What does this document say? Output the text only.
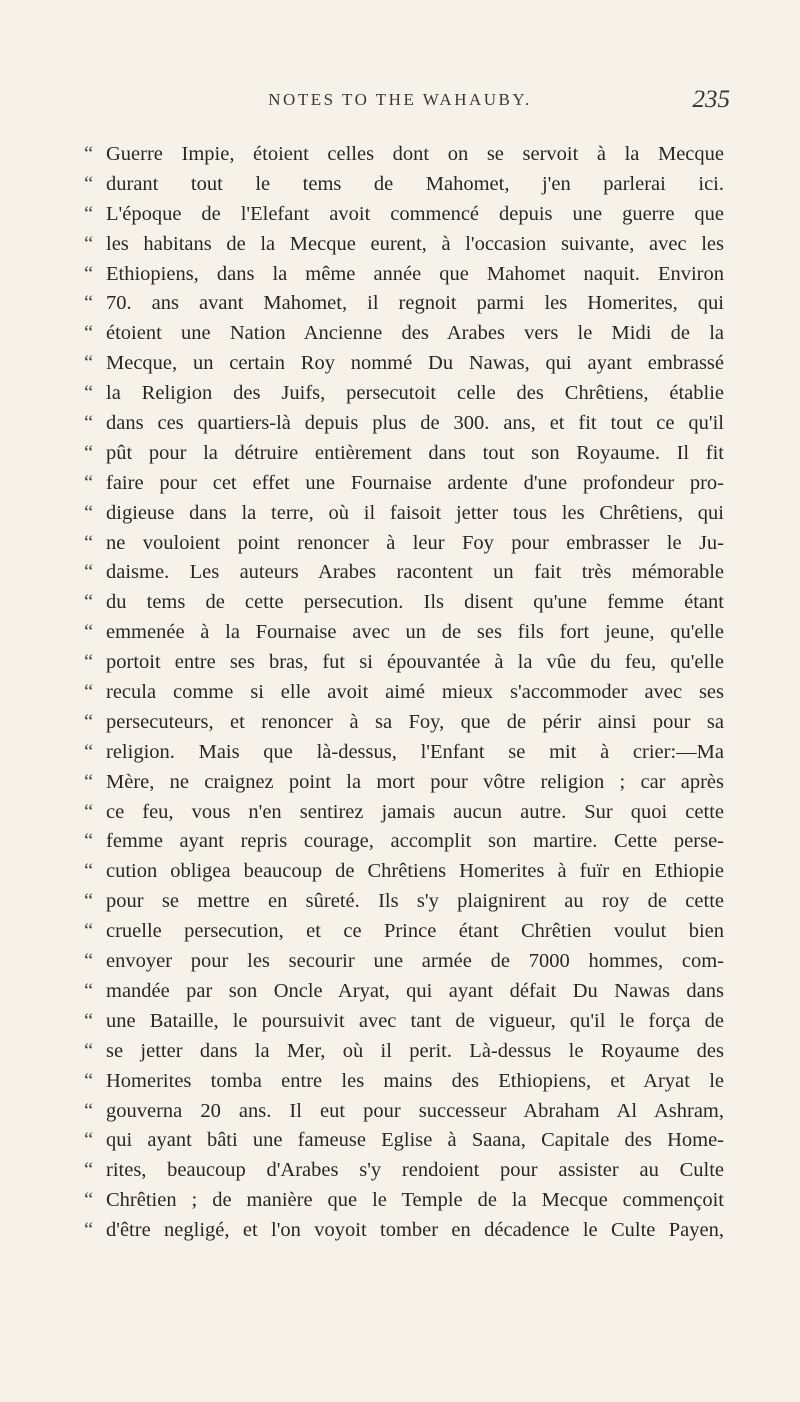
NOTES TO THE WAHAUBY.	235
“ Guerre Impie, étoient celles dont on se servoit à la Mecque
“ durant tout le tems de Mahomet, j'en parlerai ici.
“ L'époque de l'Elefant avoit commencé depuis une guerre que
“ les habitans de la Mecque eurent, à l'occasion suivante, avec les
“ Ethiopiens, dans la même année que Mahomet naquit. Environ
“ 70. ans avant Mahomet, il regnoit parmi les Homerites, qui
“ étoient une Nation Ancienne des Arabes vers le Midi de la
“ Mecque, un certain Roy nommé Du Nawas, qui ayant embrassé
“ la Religion des Juifs, persecutoit celle des Chrêtiens, établie
“ dans ces quartiers-là depuis plus de 300. ans, et fit tout ce qu'il
“ pût pour la détruire entièrement dans tout son Royaume. Il fit
“ faire pour cet effet une Fournaise ardente d'une profondeur pro-
“ digieuse dans la terre, où il faisoit jetter tous les Chrêtiens, qui
“ ne vouloient point renoncer à leur Foy pour embrasser le Ju-
“ daisme. Les auteurs Arabes racontent un fait très mémorable
“ du tems de cette persecution. Ils disent qu'une femme étant
“ emmenée à la Fournaise avec un de ses fils fort jeune, qu'elle
“ portoit entre ses bras, fut si épouvantée à la vûe du feu, qu'elle
“ recula comme si elle avoit aimé mieux s'accommoder avec ses
“ persecuteurs, et renoncer à sa Foy, que de périr ainsi pour sa
“ religion. Mais que là-dessus, l'Enfant se mit à crier:—Ma
“ Mère, ne craignez point la mort pour vôtre religion ; car après
“ ce feu, vous n'en sentirez jamais aucun autre. Sur quoi cette
“ femme ayant repris courage, accomplit son martire. Cette perse-
“ cution obligea beaucoup de Chrêtiens Homerites à fuïr en Ethiopie
“ pour se mettre en sûreté. Ils s'y plaignirent au roy de cette
“ cruelle persecution, et ce Prince étant Chrêtien voulut bien
“ envoyer pour les secourir une armée de 7000 hommes, com-
“ mandée par son Oncle Aryat, qui ayant défait Du Nawas dans
“ une Bataille, le poursuivit avec tant de vigueur, qu'il le força de
“ se jetter dans la Mer, où il perit. Là-dessus le Royaume des
“ Homerites tomba entre les mains des Ethiopiens, et Aryat le
“ gouverna 20 ans. Il eut pour successeur Abraham Al Ashram,
“ qui ayant bâti une fameuse Eglise à Saana, Capitale des Home-
“ rites, beaucoup d'Arabes s'y rendoient pour assister au Culte
“ Chrêtien ; de manière que le Temple de la Mecque commençoit
“ d'être negligé, et l'on voyoit tomber en décadence le Culte Payen,
